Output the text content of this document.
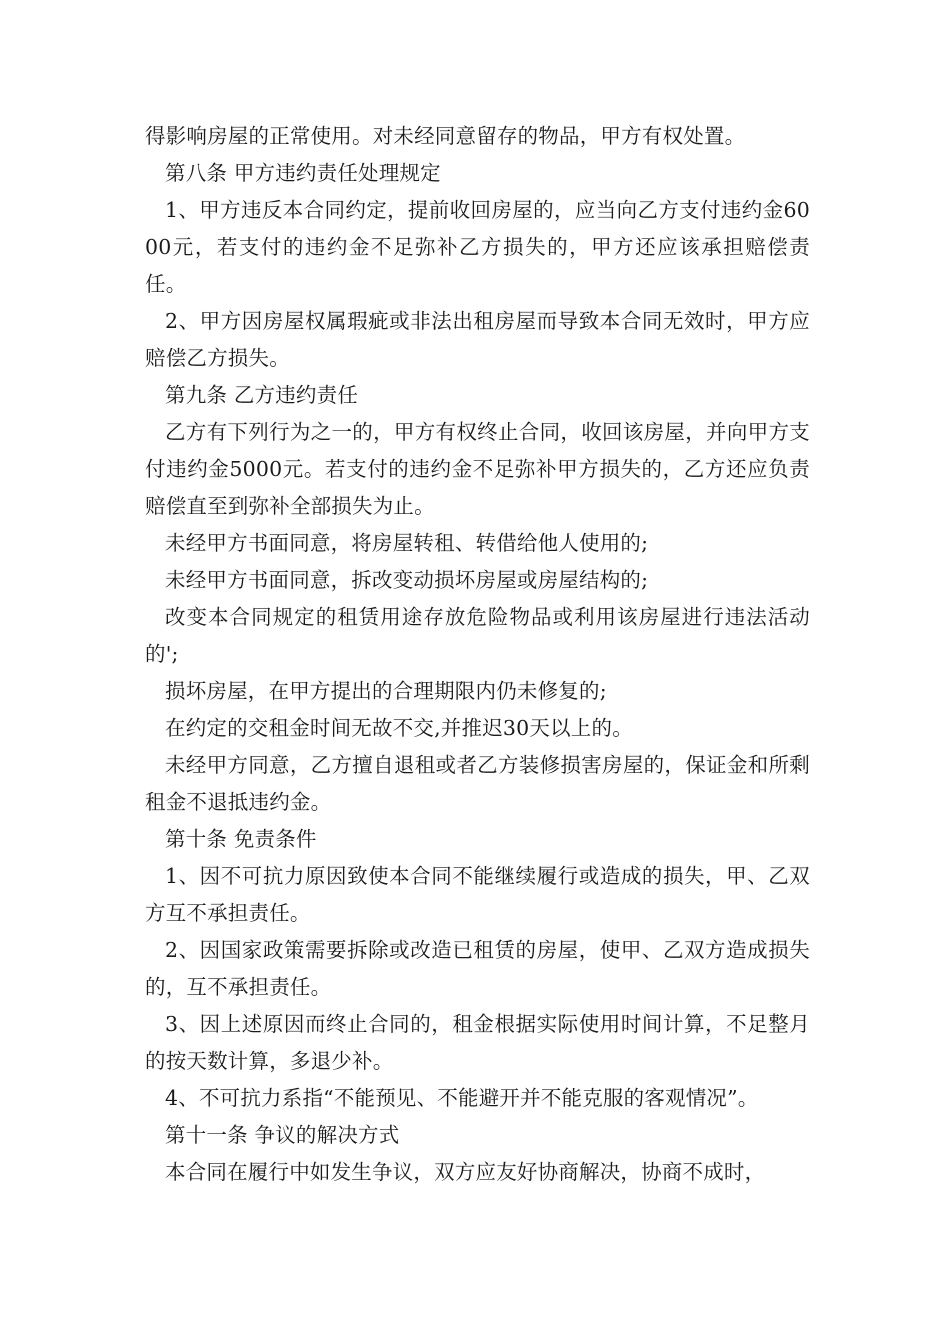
得影响房屋的正常使用。对未经同意留存的物品，甲方有权处置。

第八条 甲方违约责任处理规定

1、甲方违反本合同约定，提前收回房屋的，应当向乙方支付违约金6000元，若支付的违约金不足弥补乙方损失的，甲方还应该承担赔偿责任。

2、甲方因房屋权属瑕疵或非法出租房屋而导致本合同无效时，甲方应赔偿乙方损失。

第九条 乙方违约责任

乙方有下列行为之一的，甲方有权终止合同，收回该房屋，并向甲方支付违约金5000元。若支付的违约金不足弥补甲方损失的，乙方还应负责赔偿直至到弥补全部损失为止。

未经甲方书面同意，将房屋转租、转借给他人使用的;

未经甲方书面同意，拆改变动损坏房屋或房屋结构的;

改变本合同规定的租赁用途存放危险物品或利用该房屋进行违法活动的';

损坏房屋，在甲方提出的合理期限内仍未修复的;

在约定的交租金时间无故不交,并推迟30天以上的。

未经甲方同意，乙方擅自退租或者乙方装修损害房屋的，保证金和所剩租金不退抵违约金。

第十条 免责条件

1、因不可抗力原因致使本合同不能继续履行或造成的损失，甲、乙双方互不承担责任。

2、因国家政策需要拆除或改造已租赁的房屋，使甲、乙双方造成损失的，互不承担责任。

3、因上述原因而终止合同的，租金根据实际使用时间计算，不足整月的按天数计算，多退少补。

4、不可抗力系指“不能预见、不能避开并不能克服的客观情况”。

第十一条 争议的解决方式

本合同在履行中如发生争议，双方应友好协商解决，协商不成时，
